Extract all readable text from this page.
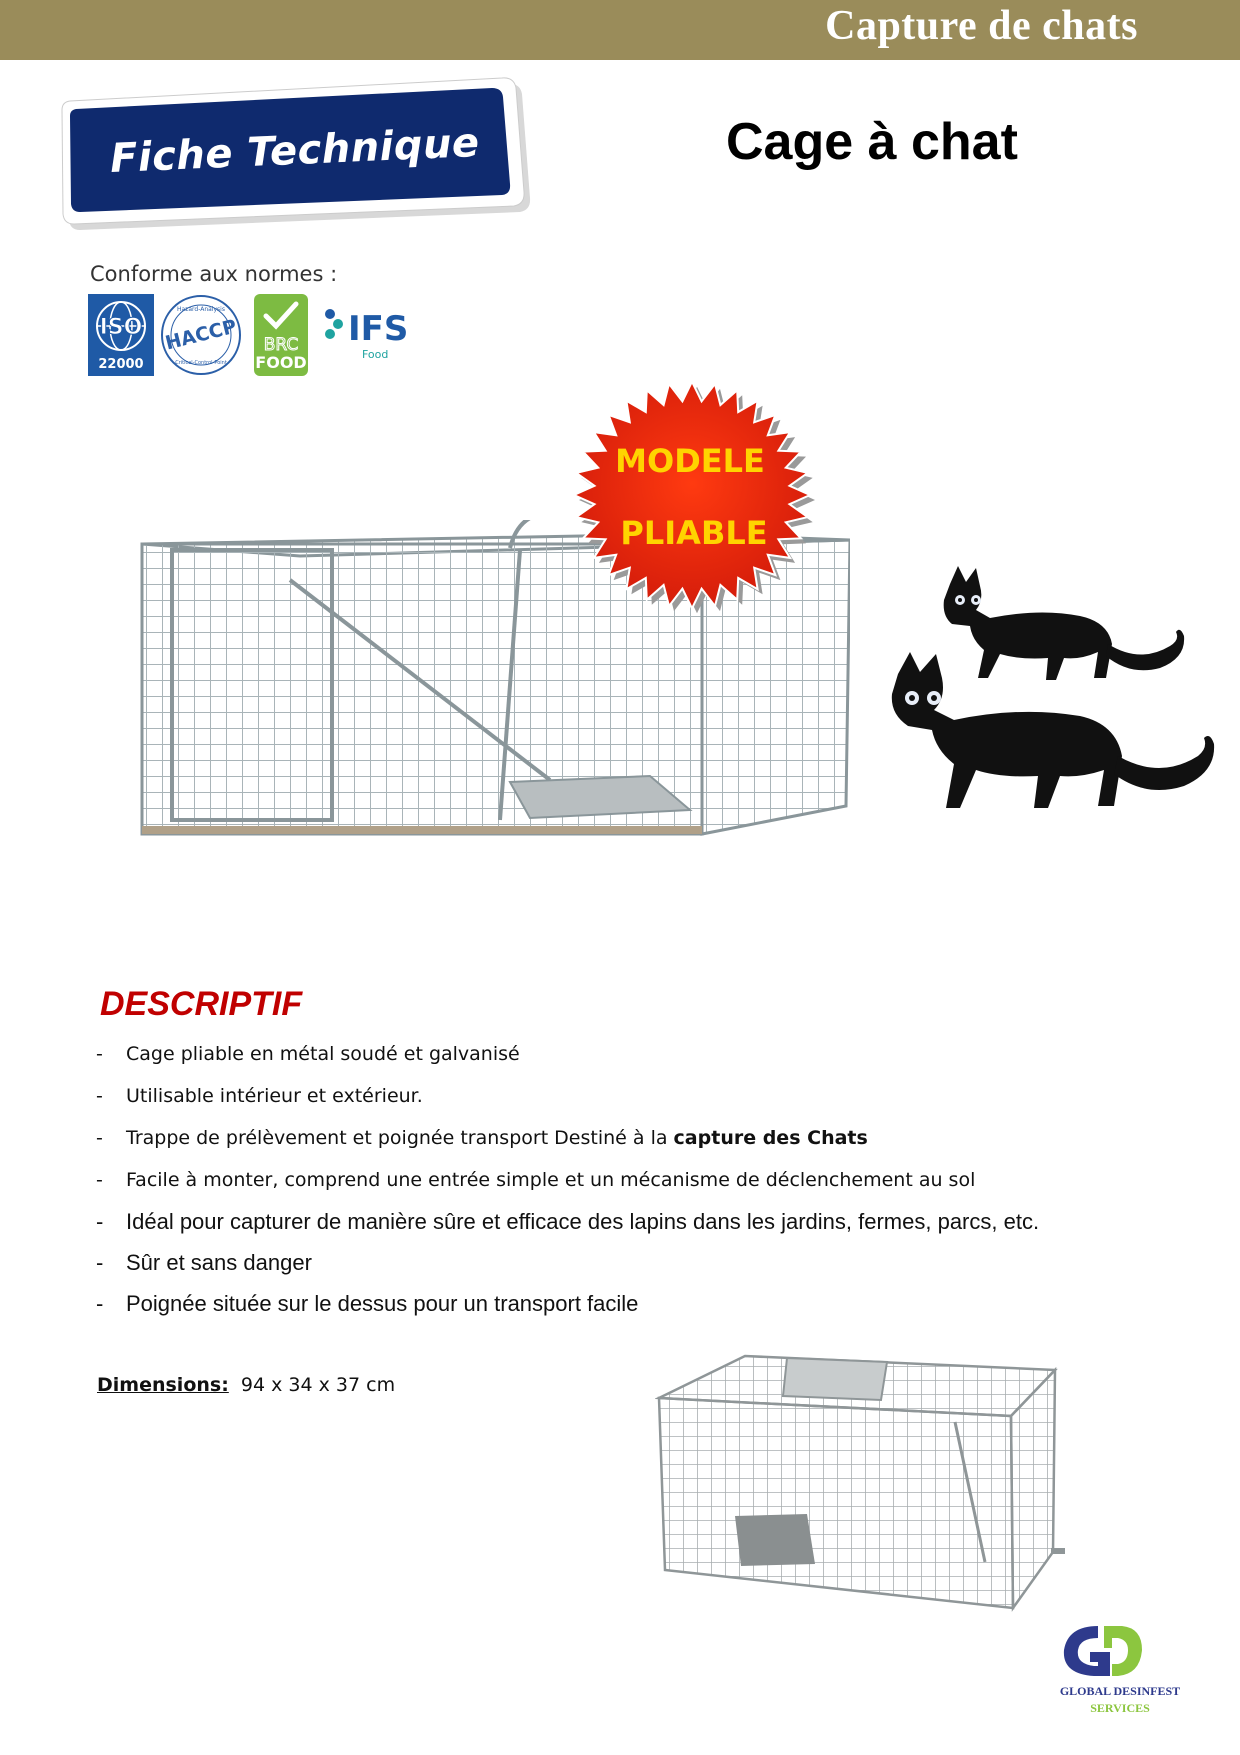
Capture de chats
Fiche Technique	Cage à chat
Conforme aux normes :
ISO
22000
HACCP
Hazard-Analysis
Critical-Control-Point
BRC
FOOD
IFS
Food
MODELE
PLIABLE
DESCRIPTIF
- Cage pliable en métal soudé et galvanisé
- Utilisable intérieur et extérieur.
- Trappe de prélèvement et poignée transport Destiné à la capture des Chats
- Facile à monter, comprend une entrée simple et un mécanisme de déclenchement au sol
- Idéal pour capturer de manière sûre et efficace des lapins dans les jardins, fermes, parcs, etc.
- Sûr et sans danger
- Poignée située sur le dessus pour un transport facile
Dimensions: 94 x 34 x 37 cm
GLOBAL DESINFEST
SERVICES
